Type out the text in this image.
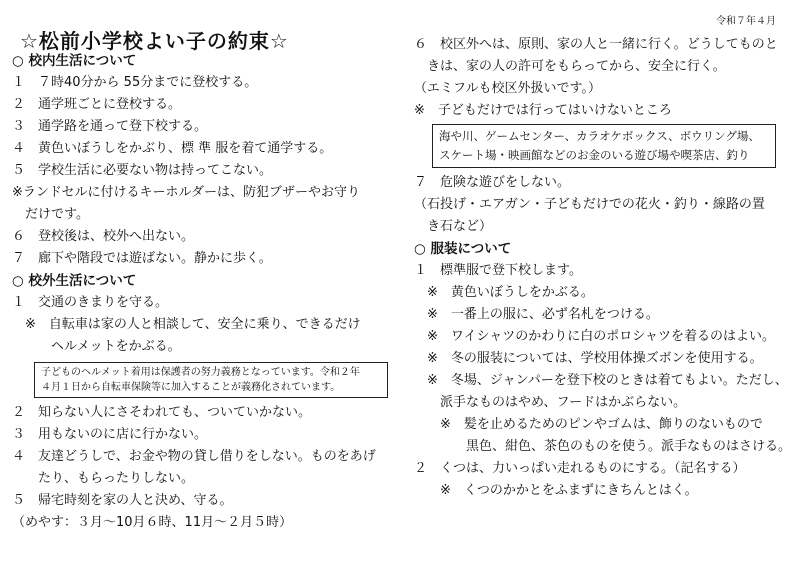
令和７年４月
☆松前小学校よい子の約束☆
○ 校内生活について
１　７時40分から 55分までに登校する。
２　通学班ごとに登校する。
３　通学路を通って登下校する。
４　黄色いぼうしをかぶり、標 準 服を着て通学する。
５　学校生活に必要ない物は持ってこない。
※ランドセルに付けるキーホルダーは、防犯ブザーやお守り
　だけです。
６　登校後は、校外へ出ない。
７　廊下や階段では遊ばない。静かに歩く。
○ 校外生活について
１　交通のきまりを守る。
　※　自転車は家の人と相談して、安全に乗り、できるだけ
　　　ヘルメットをかぶる。
子どものヘルメット着用は保護者の努力義務となっています。令和２年
４月１日から自転車保険等に加入することが義務化されています。
２　知らない人にさそわれても、ついていかない。
３　用もないのに店に行かない。
４　友達どうしで、お金や物の貸し借りをしない。ものをあげ
　　たり、もらったりしない。
５　帰宅時刻を家の人と決め、守る。
（めやす：３月～10月６時、11月～２月５時）
６　校区外へは、原則、家の人と一緒に行く。どうしてものと
　きは、家の人の許可をもらってから、安全に行く。
（エミフルも校区外扱いです。）
※　子どもだけでは行ってはいけないところ
海や川、ゲームセンター、カラオケボックス、ボウリング場、
スケート場・映画館などのお金のいる遊び場や喫茶店、釣り
７　危険な遊びをしない。
（石投げ・エアガン・子どもだけでの花火・釣り・線路の置
　き石など）
○ 服装について
１　標準服で登下校します。
　※　黄色いぼうしをかぶる。
　※　一番上の服に、必ず名札をつける。
　※　ワイシャツのかわりに白のポロシャツを着るのはよい。
　※　冬の服装については、学校用体操ズボンを使用する。
　※　冬場、ジャンパーを登下校のときは着てもよい。ただし、
　　派手なものはやめ、フードはかぶらない。
　　※　髪を止めるためのピンやゴムは、飾りのないもので
　　　　黒色、紺色、茶色のものを使う。派手なものはさける。
２　くつは、力いっぱい走れるものにする。（記名する）
　　※　くつのかかとをふまずにきちんとはく。
